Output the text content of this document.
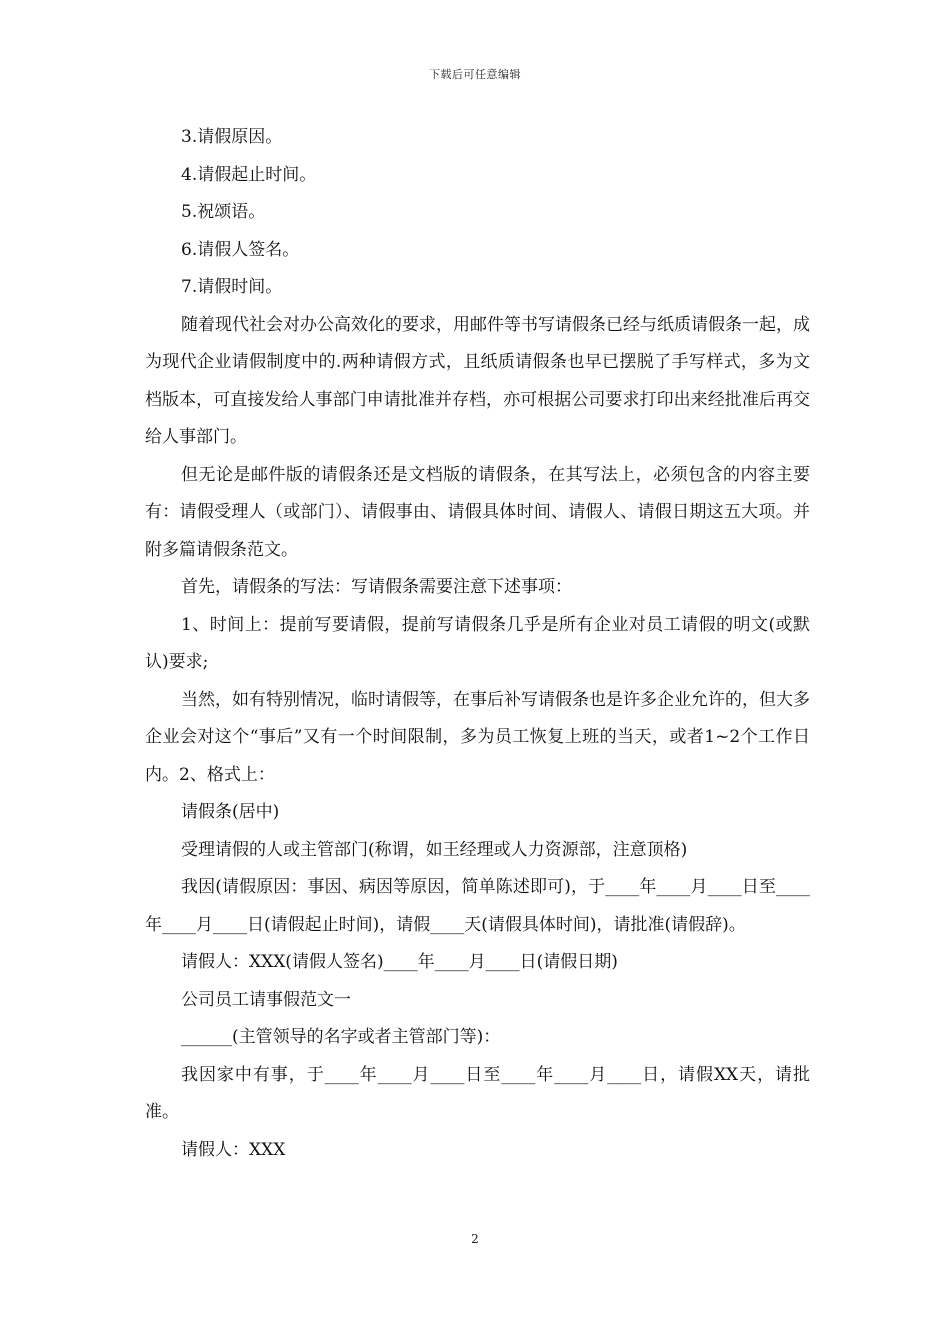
下载后可任意编辑

3.请假原因。

4.请假起止时间。

5.祝颂语。

6.请假人签名。

7.请假时间。

随着现代社会对办公高效化的要求，用邮件等书写请假条已经与纸质请假条一起，成为现代企业请假制度中的.两种请假方式，且纸质请假条也早已摆脱了手写样式，多为文档版本，可直接发给人事部门申请批准并存档，亦可根据公司要求打印出来经批准后再交给人事部门。

但无论是邮件版的请假条还是文档版的请假条，在其写法上，必须包含的内容主要有：请假受理人（或部门）、请假事由、请假具体时间、请假人、请假日期这五大项。并附多篇请假条范文。

首先，请假条的写法：写请假条需要注意下述事项：

1、时间上：提前写要请假，提前写请假条几乎是所有企业对员工请假的明文(或默认)要求;

当然，如有特别情况，临时请假等，在事后补写请假条也是许多企业允许的，但大多企业会对这个“事后”又有一个时间限制，多为员工恢复上班的当天，或者1~2个工作日内。2、格式上：

请假条(居中)

受理请假的人或主管部门(称谓，如王经理或人力资源部，注意顶格)

我因(请假原因：事因、病因等原因，简单陈述即可)，于____年____月____日至____年____月____日(请假起止时间)，请假____天(请假具体时间)，请批准(请假辞)。

请假人：XXX(请假人签名)____年____月____日(请假日期)

公司员工请事假范文一

______(主管领导的名字或者主管部门等)：

我因家中有事，于____年____月____日至____年____月____日，请假XX天，请批准。

请假人：XXX

2
